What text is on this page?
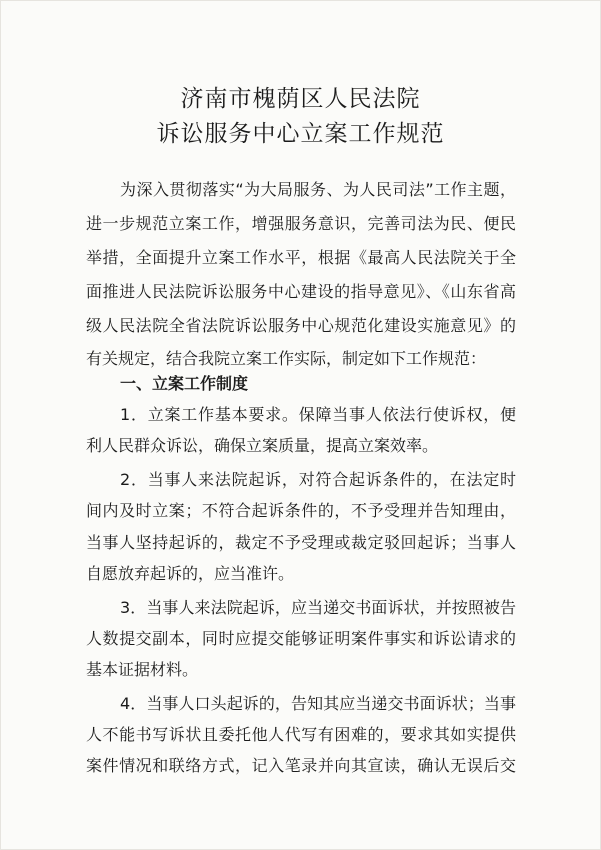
济南市槐荫区人民法院
诉讼服务中心立案工作规范
为深入贯彻落实“为大局服务、为人民司法”工作主题，
进一步规范立案工作，增强服务意识，完善司法为民、便民
举措，全面提升立案工作水平，根据《最高人民法院关于全
面推进人民法院诉讼服务中心建设的指导意见》、《山东省高
级人民法院全省法院诉讼服务中心规范化建设实施意见》的
有关规定，结合我院立案工作实际，制定如下工作规范：
一、立案工作制度
1．立案工作基本要求。保障当事人依法行使诉权，便
利人民群众诉讼，确保立案质量，提高立案效率。
2．当事人来法院起诉，对符合起诉条件的，在法定时
间内及时立案；不符合起诉条件的，不予受理并告知理由，
当事人坚持起诉的，裁定不予受理或裁定驳回起诉；当事人
自愿放弃起诉的，应当准许。
3．当事人来法院起诉，应当递交书面诉状，并按照被告
人数提交副本，同时应提交能够证明案件事实和诉讼请求的
基本证据材料。
4．当事人口头起诉的，告知其应当递交书面诉状；当事
人不能书写诉状且委托他人代写有困难的，要求其如实提供
案件情况和联络方式，记入笔录并向其宣读，确认无误后交
